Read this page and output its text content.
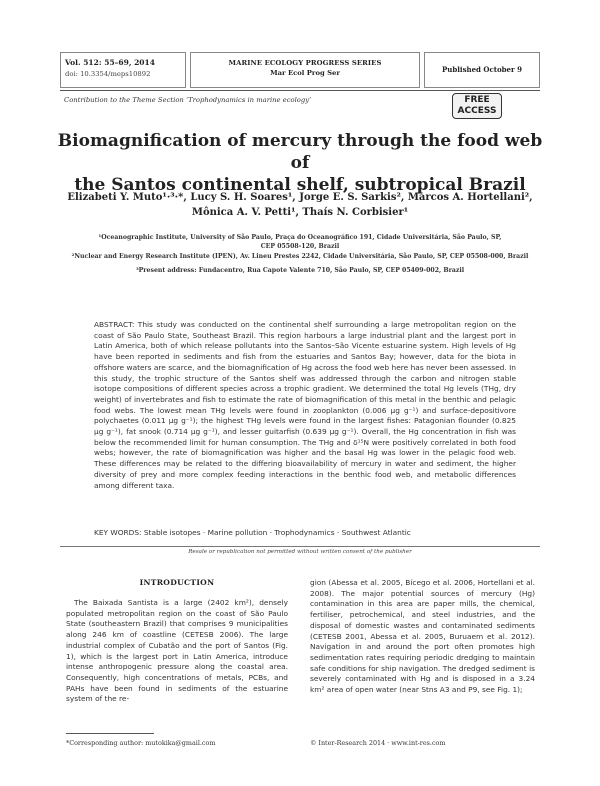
Vol. 512: 55–69, 2014
doi: 10.3354/meps10892
MARINE ECOLOGY PROGRESS SERIES
Mar Ecol Prog Ser	Published October 9
Contribution to the Theme Section ‘Trophodynamics in marine ecology’	FREE
ACCESS
Biomagnification of mercury through the food web of
the Santos continental shelf, subtropical Brazil
Elizabeti Y. Muto¹·³·*, Lucy S. H. Soares¹, Jorge E. S. Sarkis², Marcos A. Hortellani²,
Mônica A. V. Petti¹, Thaís N. Corbisier¹
¹Oceanographic Institute, University of São Paulo, Praça do Oceanográfico 191, Cidade Universitária, São Paulo, SP,
CEP 05508-120, Brazil
²Nuclear and Energy Research Institute (IPEN), Av. Lineu Prestes 2242, Cidade Universitária, São Paulo, SP, CEP 05508-000, Brazil
³Present address: Fundacentro, Rua Capote Valente 710, São Paulo, SP, CEP 05409-002, Brazil
ABSTRACT: This study was conducted on the continental shelf surrounding a large metropolitan region on the coast of São Paulo State, Southeast Brazil. This region harbours a large industrial plant and the largest port in Latin America, both of which release pollutants into the Santos–São Vicente estuarine system. High levels of Hg have been reported in sediments and fish from the estuaries and Santos Bay; however, data for the biota in offshore waters are scarce, and the biomagnification of Hg across the food web here has never been assessed. In this study, the trophic structure of the Santos shelf was addressed through the carbon and nitrogen stable isotope compositions of different species across a trophic gradient. We determined the total Hg levels (THg, dry weight) of invertebrates and fish to estimate the rate of biomagnification of this metal in the benthic and pelagic food webs. The lowest mean THg levels were found in zooplankton (0.006 µg g⁻¹) and surface-depositivore polychaetes (0.011 µg g⁻¹); the highest THg levels were found in the largest fishes: Patagonian flounder (0.825 µg g⁻¹), fat snook (0.714 µg g⁻¹), and lesser guitarfish (0.639 µg g⁻¹). Overall, the Hg concentration in fish was below the recommended limit for human consumption. The THg and δ¹⁵N were positively correlated in both food webs; however, the rate of biomagnification was higher and the basal Hg was lower in the pelagic food web. These differences may be related to the differing bioavailability of mercury in water and sediment, the higher diversity of prey and more complex feeding interactions in the benthic food web, and metabolic differences among different taxa.
KEY WORDS: Stable isotopes · Marine pollution · Trophodynamics · Southwest Atlantic
Resale or republication not permitted without written consent of the publisher
INTRODUCTION
The Baixada Santista is a large (2402 km²), densely populated metropolitan region on the coast of São Paulo State (southeastern Brazil) that comprises 9 municipalities along 246 km of coastline (CETESB 2006). The large industrial complex of Cubatão and the port of Santos (Fig. 1), which is the largest port in Latin America, introduce intense anthropogenic pressure along the coastal area. Consequently, high concentrations of metals, PCBs, and PAHs have been found in sediments of the estuarine system of the re-
gion (Abessa et al. 2005, Bícego et al. 2006, Hortellani et al. 2008). The major potential sources of mercury (Hg) contamination in this area are paper mills, the chemical, fertiliser, petrochemical, and steel industries, and the disposal of domestic wastes and contaminated sediments (CETESB 2001, Abessa et al. 2005, Buruaem et al. 2012). Navigation in and around the port often promotes high sedimentation rates requiring periodic dredging to maintain safe conditions for ship navigation. The dredged sediment is severely contaminated with Hg and is disposed in a 3.24 km² area of open water (near Stns A3 and P9, see Fig. 1);
*Corresponding author: mutokika@gmail.com	© Inter-Research 2014 · www.int-res.com
